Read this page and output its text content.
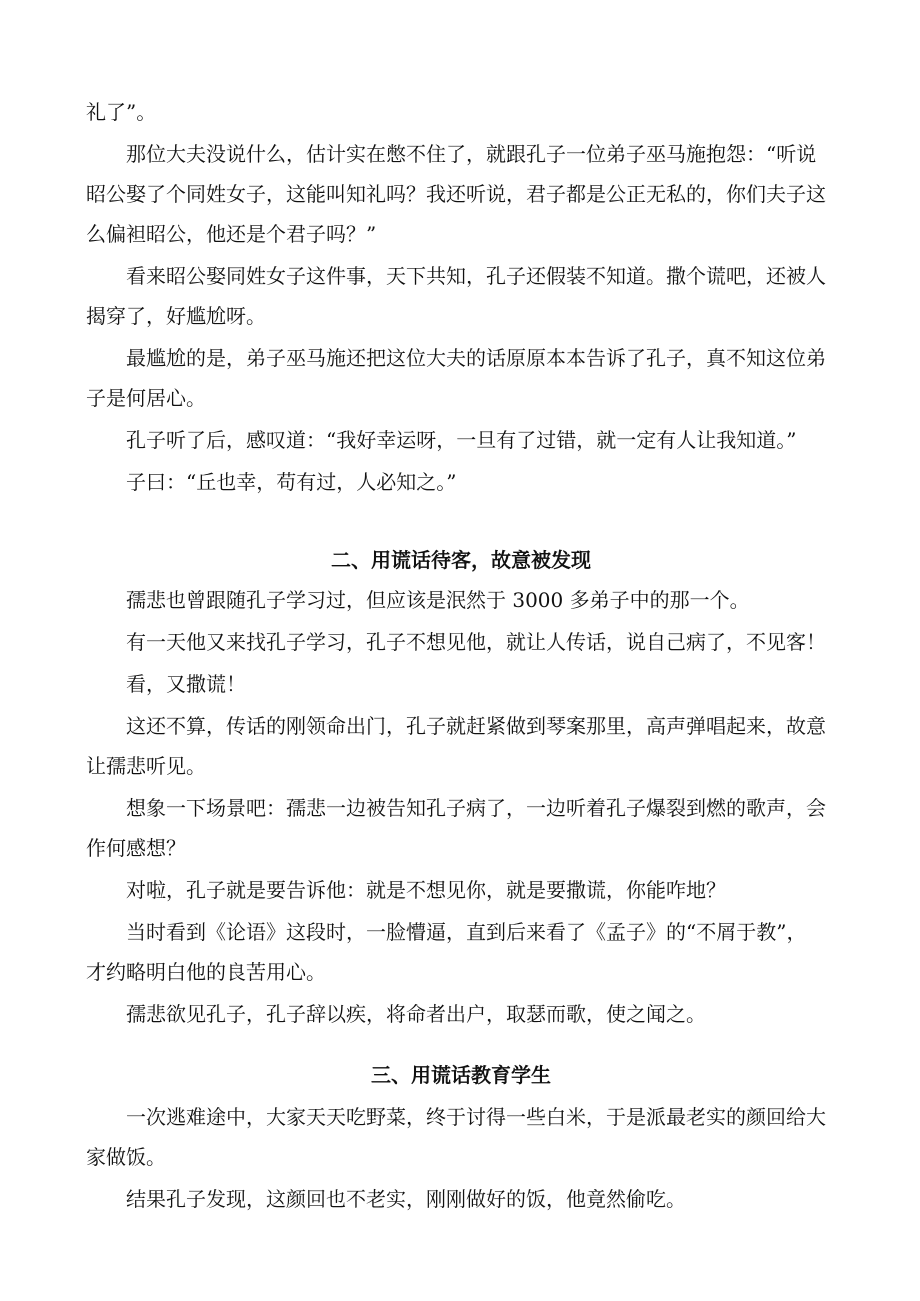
礼了”。
那位大夫没说什么，估计实在憋不住了，就跟孔子一位弟子巫马施抱怨：“听说
昭公娶了个同姓女子，这能叫知礼吗？我还听说，君子都是公正无私的，你们夫子这
么偏袒昭公，他还是个君子吗？”
看来昭公娶同姓女子这件事，天下共知，孔子还假装不知道。撒个谎吧，还被人
揭穿了，好尴尬呀。
最尴尬的是，弟子巫马施还把这位大夫的话原原本本告诉了孔子，真不知这位弟
子是何居心。
孔子听了后，感叹道：“我好幸运呀，一旦有了过错，就一定有人让我知道。”
子曰：“丘也幸，苟有过，人必知之。”
二、用谎话待客，故意被发现
孺悲也曾跟随孔子学习过，但应该是泯然于 3000 多弟子中的那一个。
有一天他又来找孔子学习，孔子不想见他，就让人传话，说自己病了，不见客！
看，又撒谎！
这还不算，传话的刚领命出门，孔子就赶紧做到琴案那里，高声弹唱起来，故意
让孺悲听见。
想象一下场景吧：孺悲一边被告知孔子病了，一边听着孔子爆裂到燃的歌声，会
作何感想？
对啦，孔子就是要告诉他：就是不想见你，就是要撒谎，你能咋地？
当时看到《论语》这段时，一脸懵逼，直到后来看了《孟子》的“不屑于教”，
才约略明白他的良苦用心。
孺悲欲见孔子，孔子辞以疾，将命者出户，取瑟而歌，使之闻之。
三、用谎话教育学生
一次逃难途中，大家天天吃野菜，终于讨得一些白米，于是派最老实的颜回给大
家做饭。
结果孔子发现，这颜回也不老实，刚刚做好的饭，他竟然偷吃。
